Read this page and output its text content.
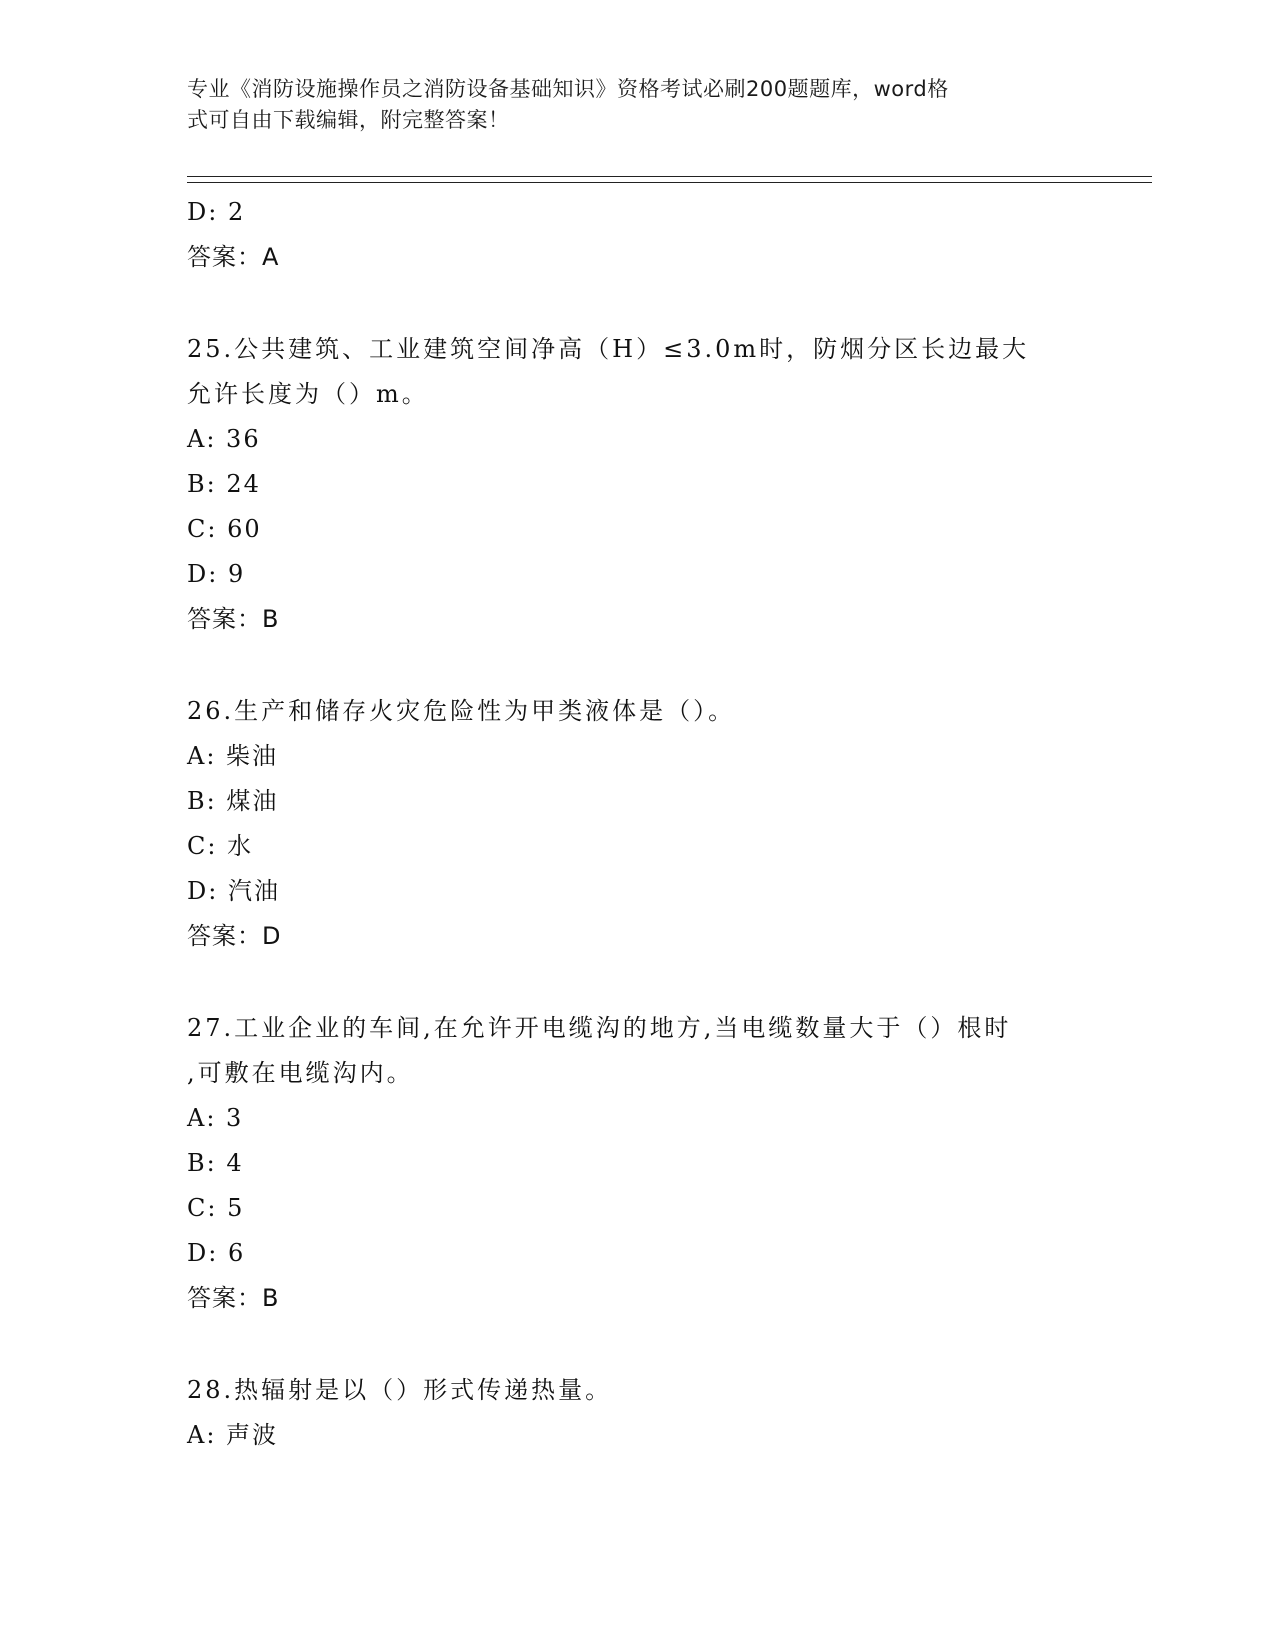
专业《消防设施操作员之消防设备基础知识》资格考试必刷200题题库，word格
式可自由下载编辑，附完整答案！
D: 2
答案：A
25.公共建筑、工业建筑空间净高（H）≤3.0m时，防烟分区长边最大
允许长度为（）m。
A: 36
B: 24
C: 60
D: 9
答案：B
26.生产和储存火灾危险性为甲类液体是（）。
A: 柴油
B: 煤油
C: 水
D: 汽油
答案：D
27.工业企业的车间,在允许开电缆沟的地方,当电缆数量大于（）根时
,可敷在电缆沟内。
A: 3
B: 4
C: 5
D: 6
答案：B
28.热辐射是以（）形式传递热量。
A: 声波
